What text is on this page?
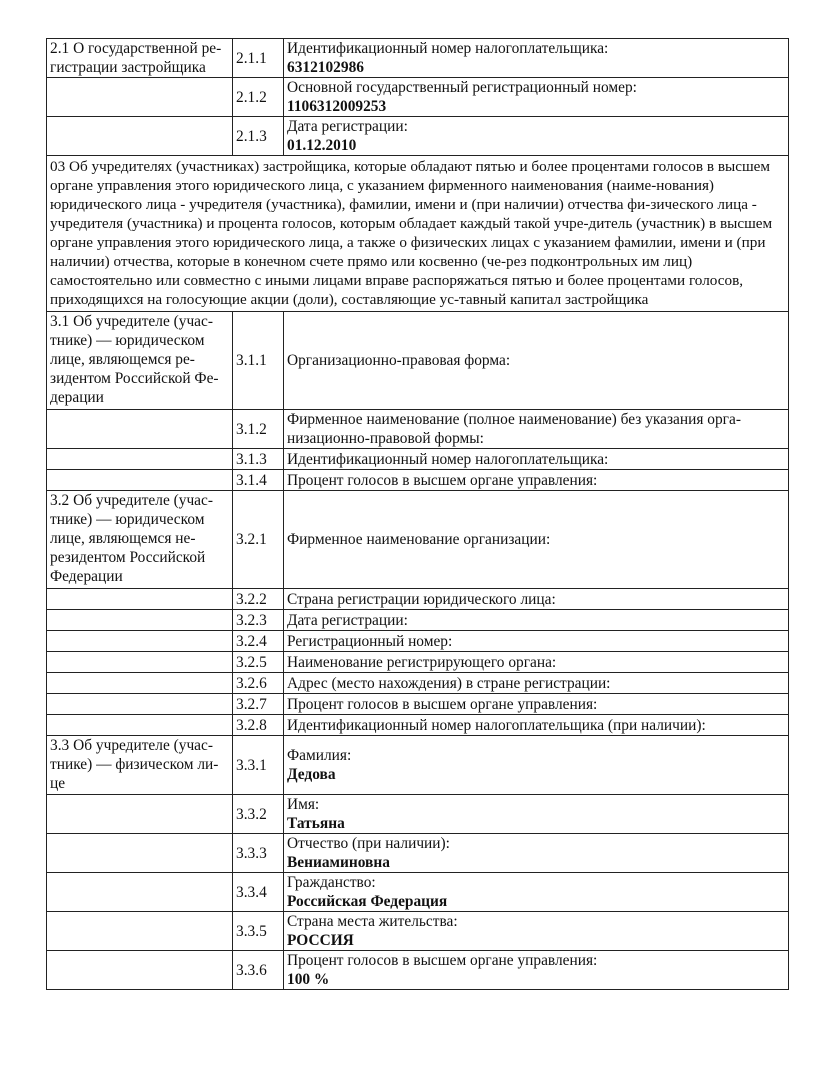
2.1 О государственной ре-гистрации застройщика	2.1.1	Идентификационный номер налогоплательщика:
6312102986

	2.1.2	Основной государственный регистрационный номер:
1106312009253

	2.1.3	Дата регистрации:
01.12.2010

03 Об учредителях (участниках) застройщика, которые обладают пятью и более процентами голосов в высшем органе управления этого юридического лица, с указанием фирменного наименования (наиме-нования) юридического лица - учредителя (участника), фамилии, имени и (при наличии) отчества фи-зического лица - учредителя (участника) и процента голосов, которым обладает каждый такой учре-дитель (участник) в высшем органе управления этого юридического лица, а также о физических лицах с указанием фамилии, имени и (при наличии) отчества, которые в конечном счете прямо или косвенно (че-рез подконтрольных им лиц) самостоятельно или совместно с иными лицами вправе распоряжаться пятью и более процентами голосов, приходящихся на голосующие акции (доли), составляющие ус-тавный капитал застройщика		
3.1 Об учредителе (учас-тнике) — юридическом лице, являющемся ре-зидентом Российской Фе-дерации	3.1.1	Организационно-правовая форма:
	3.1.2	Фирменное наименование (полное наименование) без указания орга-низационно-правовой формы:
	3.1.3	Идентификационный номер налогоплательщика:
	3.1.4	Процент голосов в высшем органе управления:
3.2 Об учредителе (учас-тнике) — юридическом лице, являющемся не-резидентом Российской Федерации	3.2.1	Фирменное наименование организации:
	3.2.2	Страна регистрации юридического лица:
	3.2.3	Дата регистрации:
	3.2.4	Регистрационный номер:
	3.2.5	Наименование регистрирующего органа:
	3.2.6	Адрес (место нахождения) в стране регистрации:
	3.2.7	Процент голосов в высшем органе управления:
	3.2.8	Идентификационный номер налогоплательщика (при наличии):
3.3 Об учредителе (учас-тнике) — физическом ли-це	3.3.1	Фамилия:
Дедова

	3.3.2	Имя:
Татьяна

	3.3.3	Отчество (при наличии):
Вениаминовна

	3.3.4	Гражданство:
Российская Федерация

	3.3.5	Страна места жительства:
РОССИЯ

	3.3.6	Процент голосов в высшем органе управления:
100 %
